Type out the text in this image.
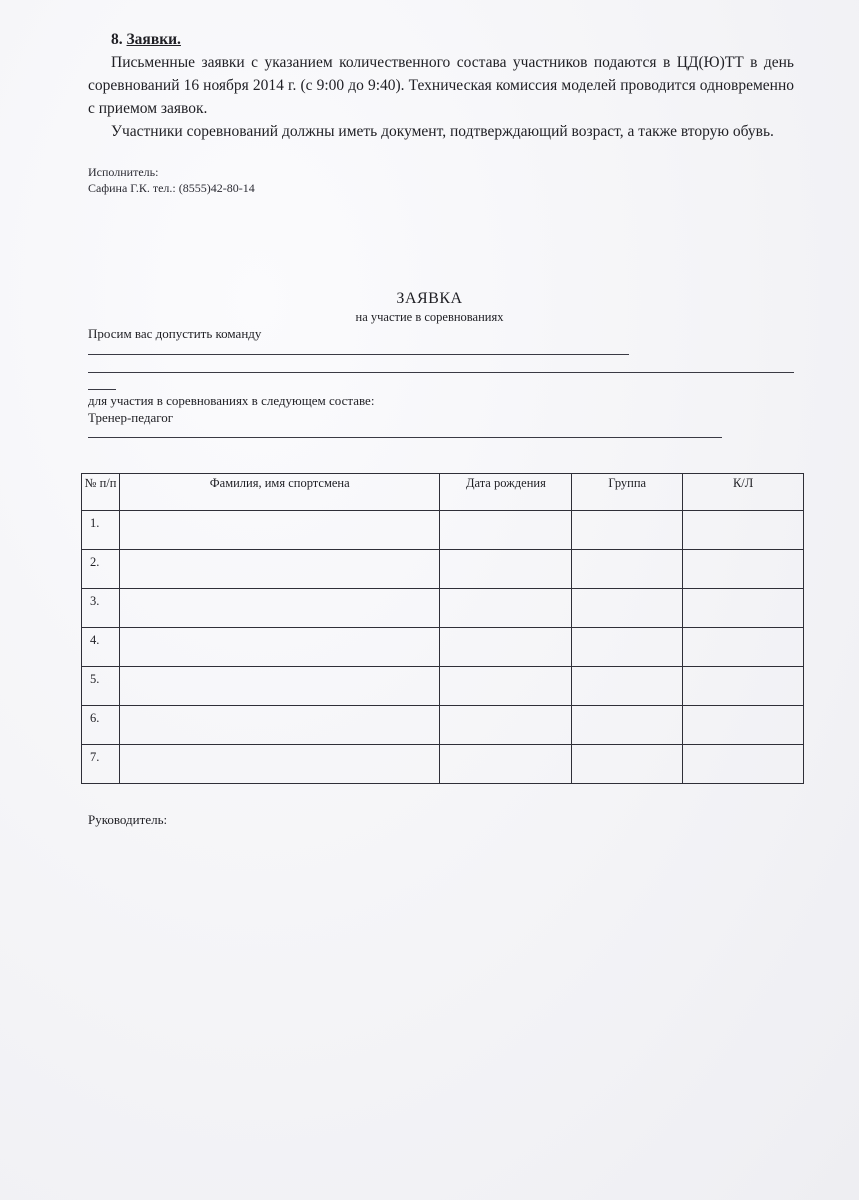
8. Заявки.

Письменные заявки с указанием количественного состава участников подаются в ЦД(Ю)ТТ в день соревнований 16 ноября 2014 г. (с 9:00 до 9:40). Техническая комиссия моделей проводится одновременно с приемом заявок.

Участники соревнований должны иметь документ, подтверждающий возраст, а также вторую обувь.

Исполнитель:
Сафина Г.К. тел.: (8555)42-80-14
ЗАЯВКА
на участие в соревнованиях
Просим вас допустить команду
для участия в соревнованиях в следующем составе:
Тренер-педагог
№ п/п	Фамилия, имя спортсмена	Дата рождения	Группа	К/Л
1.				
2.				
3.				
4.				
5.				
6.				
7.				
Руководитель:
